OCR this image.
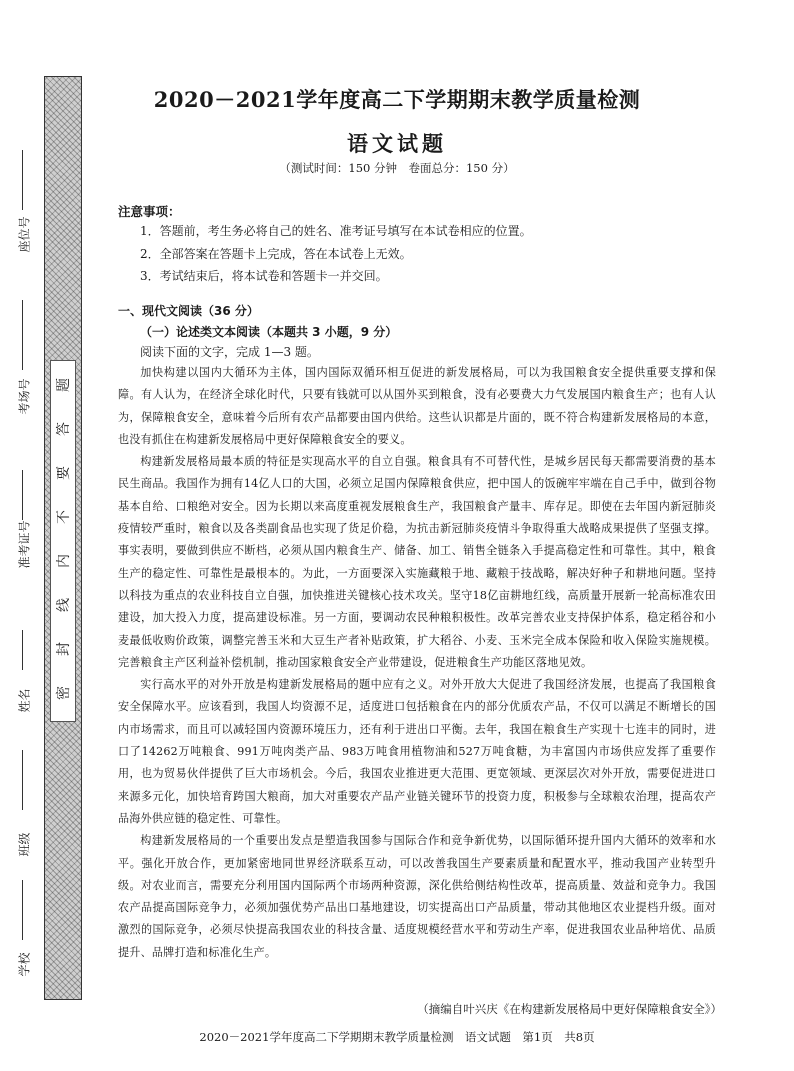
题
答
要
不
内
线
封
密
座位号
考场号
准考证号
姓名
班级
学校
2020－2021学年度高二下学期期末教学质量检测
语文试题
（测试时间：150 分钟　卷面总分：150 分）
注意事项：
1．答题前，考生务必将自己的姓名、准考证号填写在本试卷相应的位置。
2．全部答案在答题卡上完成，答在本试卷上无效。
3．考试结束后，将本试卷和答题卡一并交回。
一、现代文阅读（36 分）
（一）论述类文本阅读（本题共 3 小题，9 分）
阅读下面的文字，完成 1—3 题。

加快构建以国内大循环为主体，国内国际双循环相互促进的新发展格局，可以为我国粮食安全提供重要支撑和保障。有人认为，在经济全球化时代，只要有钱就可以从国外买到粮食，没有必要费大力气发展国内粮食生产；也有人认为，保障粮食安全，意味着今后所有农产品都要由国内供给。这些认识都是片面的，既不符合构建新发展格局的本意，也没有抓住在构建新发展格局中更好保障粮食安全的要义。

构建新发展格局最本质的特征是实现高水平的自立自强。粮食具有不可替代性，是城乡居民每天都需要消费的基本民生商品。我国作为拥有14亿人口的大国，必须立足国内保障粮食供应，把中国人的饭碗牢牢端在自己手中，做到谷物基本自给、口粮绝对安全。因为长期以来高度重视发展粮食生产，我国粮食产量丰、库存足。即使在去年国内新冠肺炎疫情较严重时，粮食以及各类副食品也实现了货足价稳，为抗击新冠肺炎疫情斗争取得重大战略成果提供了坚强支撑。事实表明，要做到供应不断档，必须从国内粮食生产、储备、加工、销售全链条入手提高稳定性和可靠性。其中，粮食生产的稳定性、可靠性是最根本的。为此，一方面要深入实施藏粮于地、藏粮于技战略，解决好种子和耕地问题。坚持以科技为重点的农业科技自立自强，加快推进关键核心技术攻关。坚守18亿亩耕地红线，高质量开展新一轮高标准农田建设，加大投入力度，提高建设标准。另一方面，要调动农民种粮积极性。改革完善农业支持保护体系，稳定稻谷和小麦最低收购价政策，调整完善玉米和大豆生产者补贴政策，扩大稻谷、小麦、玉米完全成本保险和收入保险实施规模。完善粮食主产区利益补偿机制，推动国家粮食安全产业带建设，促进粮食生产功能区落地见效。

实行高水平的对外开放是构建新发展格局的题中应有之义。对外开放大大促进了我国经济发展，也提高了我国粮食安全保障水平。应该看到，我国人均资源不足，适度进口包括粮食在内的部分优质农产品，不仅可以满足不断增长的国内市场需求，而且可以减轻国内资源环境压力，还有利于进出口平衡。去年，我国在粮食生产实现十七连丰的同时，进口了14262万吨粮食、991万吨肉类产品、983万吨食用植物油和527万吨食糖，为丰富国内市场供应发挥了重要作用，也为贸易伙伴提供了巨大市场机会。今后，我国农业推进更大范围、更宽领域、更深层次对外开放，需要促进进口来源多元化，加快培育跨国大粮商，加大对重要农产品产业链关键环节的投资力度，积极参与全球粮农治理，提高农产品海外供应链的稳定性、可靠性。

构建新发展格局的一个重要出发点是塑造我国参与国际合作和竞争新优势，以国际循环提升国内大循环的效率和水平。强化开放合作，更加紧密地同世界经济联系互动，可以改善我国生产要素质量和配置水平，推动我国产业转型升级。对农业而言，需要充分利用国内国际两个市场两种资源，深化供给侧结构性改革，提高质量、效益和竞争力。我国农产品提高国际竞争力，必须加强优势产品出口基地建设，切实提高出口产品质量，带动其他地区农业提档升级。面对激烈的国际竞争，必须尽快提高我国农业的科技含量、适度规模经营水平和劳动生产率，促进我国农业品种培优、品质提升、品牌打造和标准化生产。

（摘编自叶兴庆《在构建新发展格局中更好保障粮食安全》）
2020－2021学年度高二下学期期末教学质量检测　语文试题　第1页　共8页
